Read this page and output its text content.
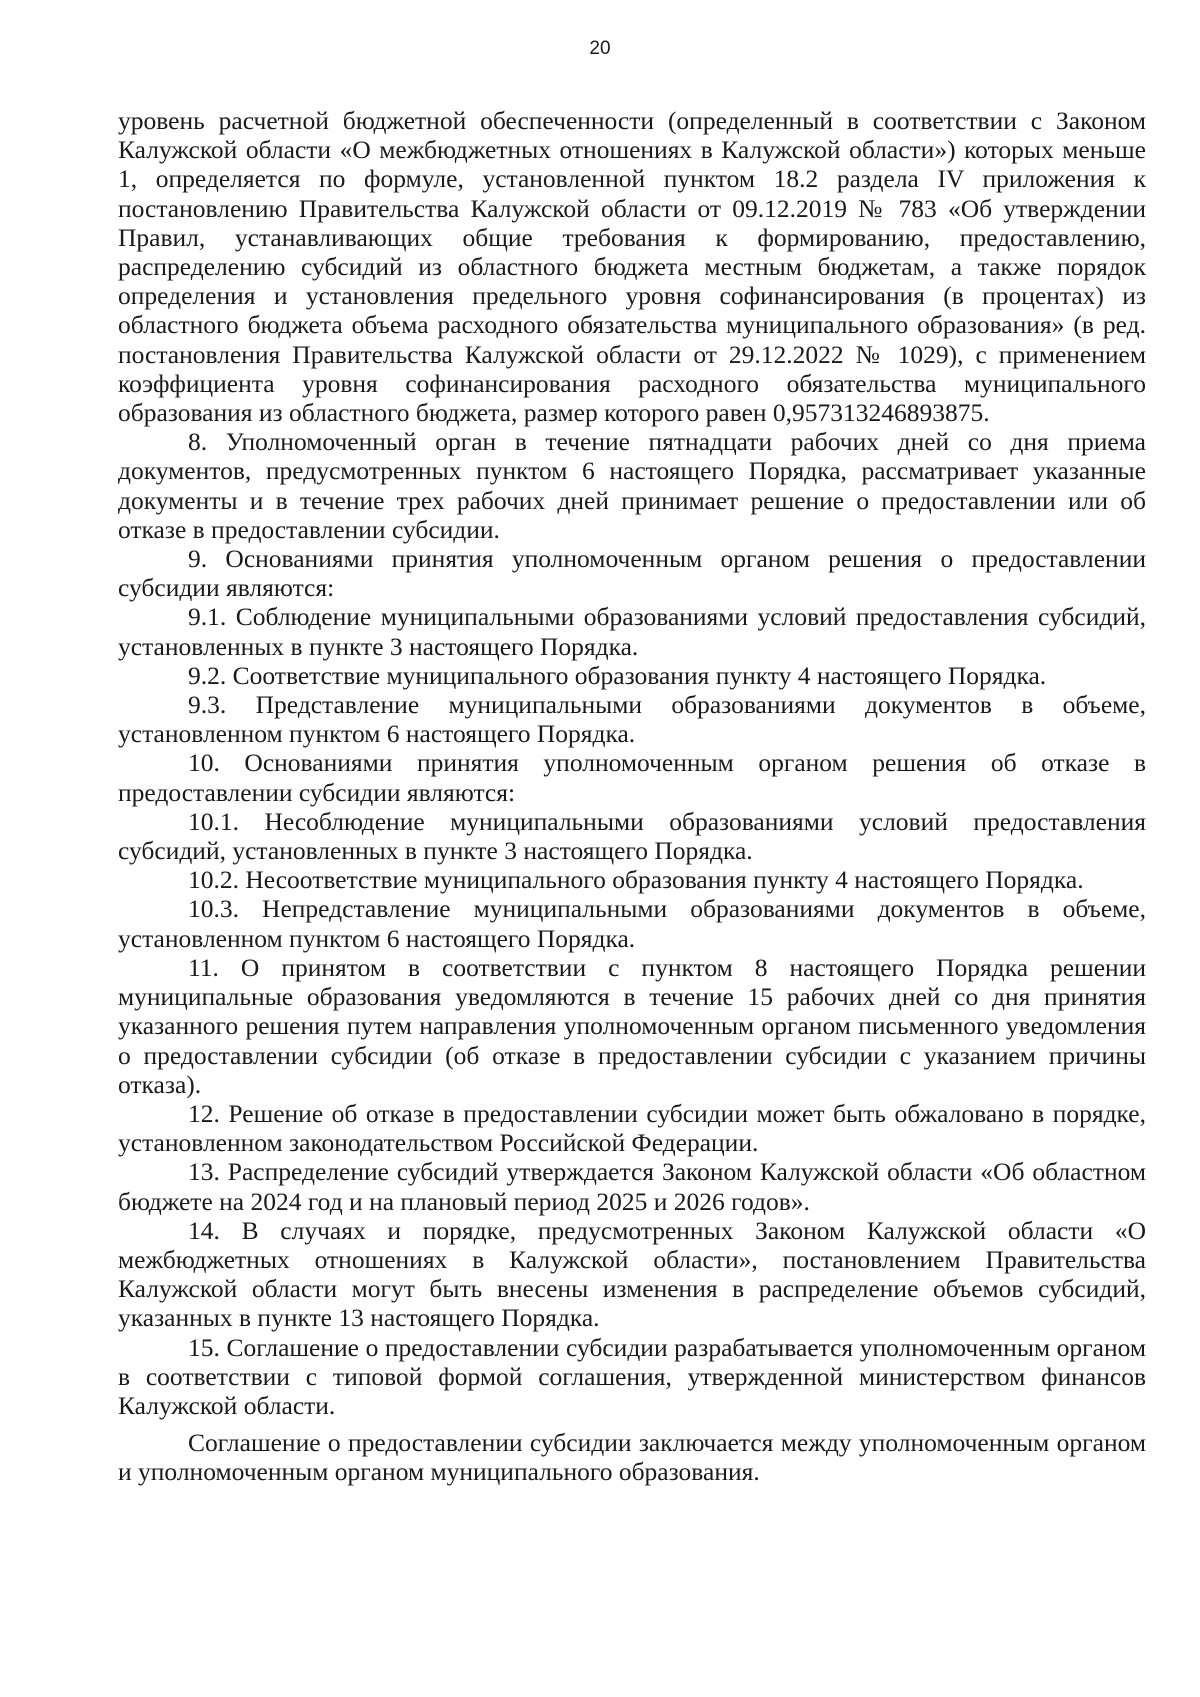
20

уровень расчетной бюджетной обеспеченности (определенный в соответствии с Законом Калужской области «О межбюджетных отношениях в Калужской области») которых меньше 1, определяется по формуле, установленной пунктом 18.2 раздела IV приложения к постановлению Правительства Калужской области от 09.12.2019 № 783 «Об утверждении Правил, устанавливающих общие требования к формированию, предоставлению, распределению субсидий из областного бюджета местным бюджетам, а также порядок определения и установления предельного уровня софинансирования (в процентах) из областного бюджета объема расходного обязательства муниципального образования» (в ред. постановления Правительства Калужской области от 29.12.2022 № 1029), с применением коэффициента уровня софинансирования расходного обязательства муниципального образования из областного бюджета, размер которого равен 0,957313246893875.

8. Уполномоченный орган в течение пятнадцати рабочих дней со дня приема документов, предусмотренных пунктом 6 настоящего Порядка, рассматривает указанные документы и в течение трех рабочих дней принимает решение о предоставлении или об отказе в предоставлении субсидии.

9. Основаниями принятия уполномоченным органом решения о предоставлении субсидии являются:

9.1. Соблюдение муниципальными образованиями условий предоставления субсидий, установленных в пункте 3 настоящего Порядка.

9.2. Соответствие муниципального образования пункту 4 настоящего Порядка.

9.3. Представление муниципальными образованиями документов в объеме, установленном пунктом 6 настоящего Порядка.

10. Основаниями принятия уполномоченным органом решения об отказе в предоставлении субсидии являются:

10.1. Несоблюдение муниципальными образованиями условий предоставления субсидий, установленных в пункте 3 настоящего Порядка.

10.2. Несоответствие муниципального образования пункту 4 настоящего Порядка.

10.3. Непредставление муниципальными образованиями документов в объеме, установленном пунктом 6 настоящего Порядка.

11. О принятом в соответствии с пунктом 8 настоящего Порядка решении муниципальные образования уведомляются в течение 15 рабочих дней со дня принятия указанного решения путем направления уполномоченным органом письменного уведомления о предоставлении субсидии (об отказе в предоставлении субсидии с указанием причины отказа).

12. Решение об отказе в предоставлении субсидии может быть обжаловано в порядке, установленном законодательством Российской Федерации.

13. Распределение субсидий утверждается Законом Калужской области «Об областном бюджете на 2024 год и на плановый период 2025 и 2026 годов».

14. В случаях и порядке, предусмотренных Законом Калужской области «О межбюджетных отношениях в Калужской области», постановлением Правительства Калужской области могут быть внесены изменения в распределение объемов субсидий, указанных в пункте 13 настоящего Порядка.

15. Соглашение о предоставлении субсидии разрабатывается уполномоченным органом в соответствии с типовой формой соглашения, утвержденной министерством финансов Калужской области.

Соглашение о предоставлении субсидии заключается между уполномоченным органом и уполномоченным органом муниципального образования.
